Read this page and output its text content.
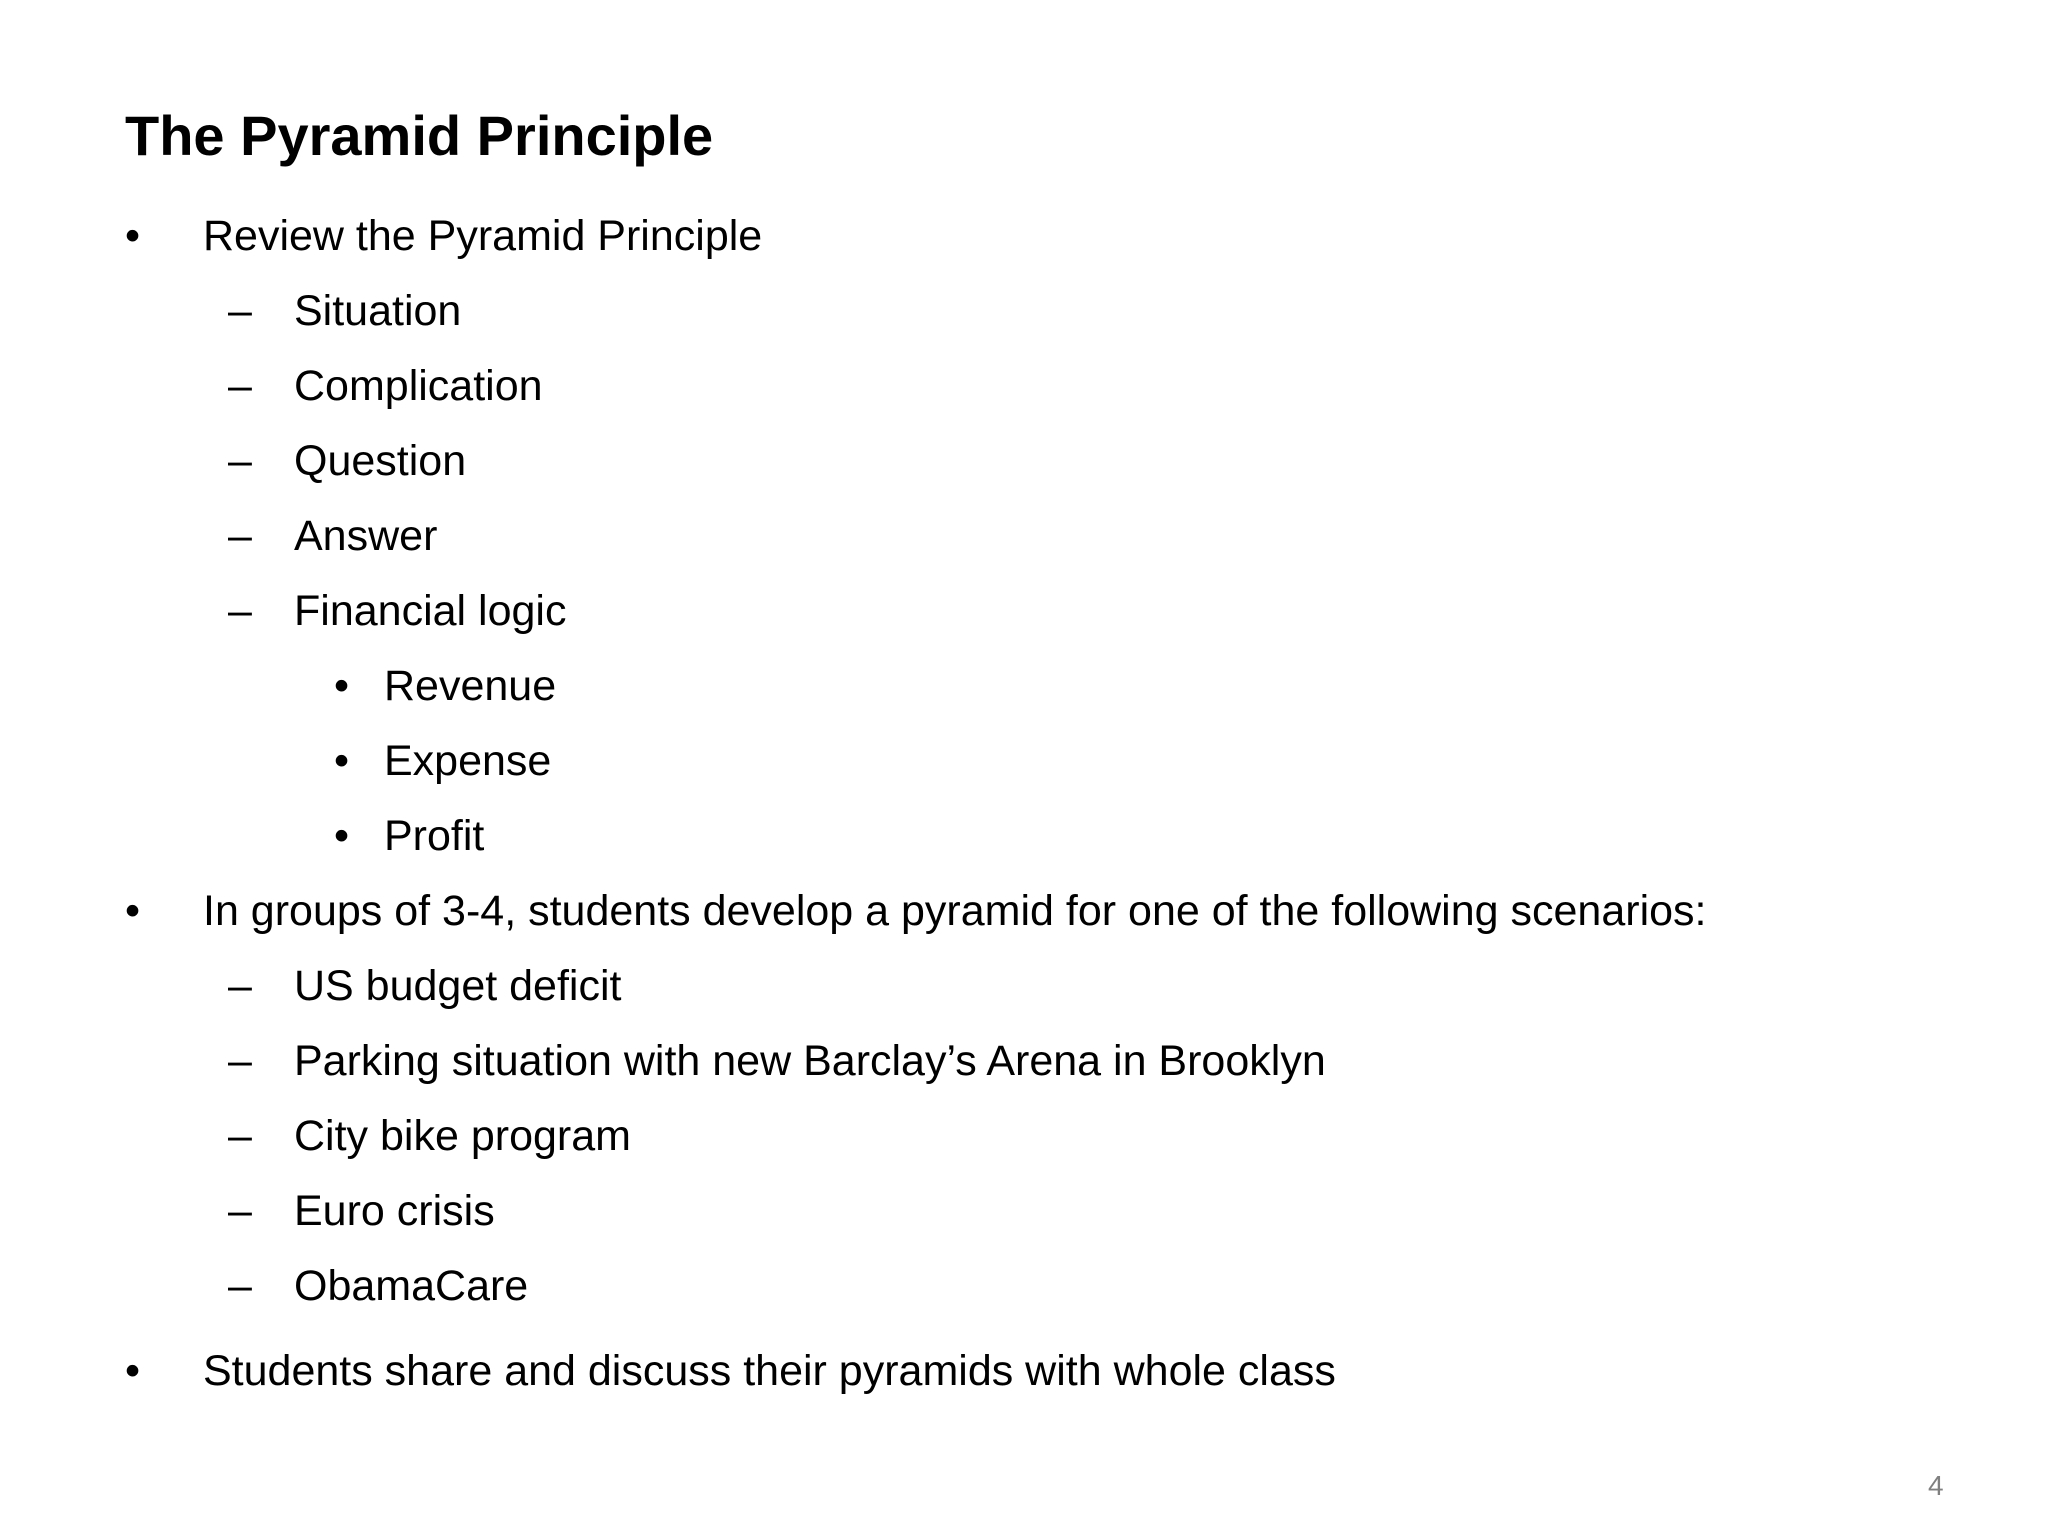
The Pyramid Principle
• Review the Pyramid Principle
– Situation
– Complication
– Question
– Answer
– Financial logic
• Revenue
• Expense
• Profit
• In groups of 3-4, students develop a pyramid for one of the following scenarios:
– US budget deficit
– Parking situation with new Barclay’s Arena in Brooklyn
– City bike program
– Euro crisis
– ObamaCare
• Students share and discuss their pyramids with whole class
4
